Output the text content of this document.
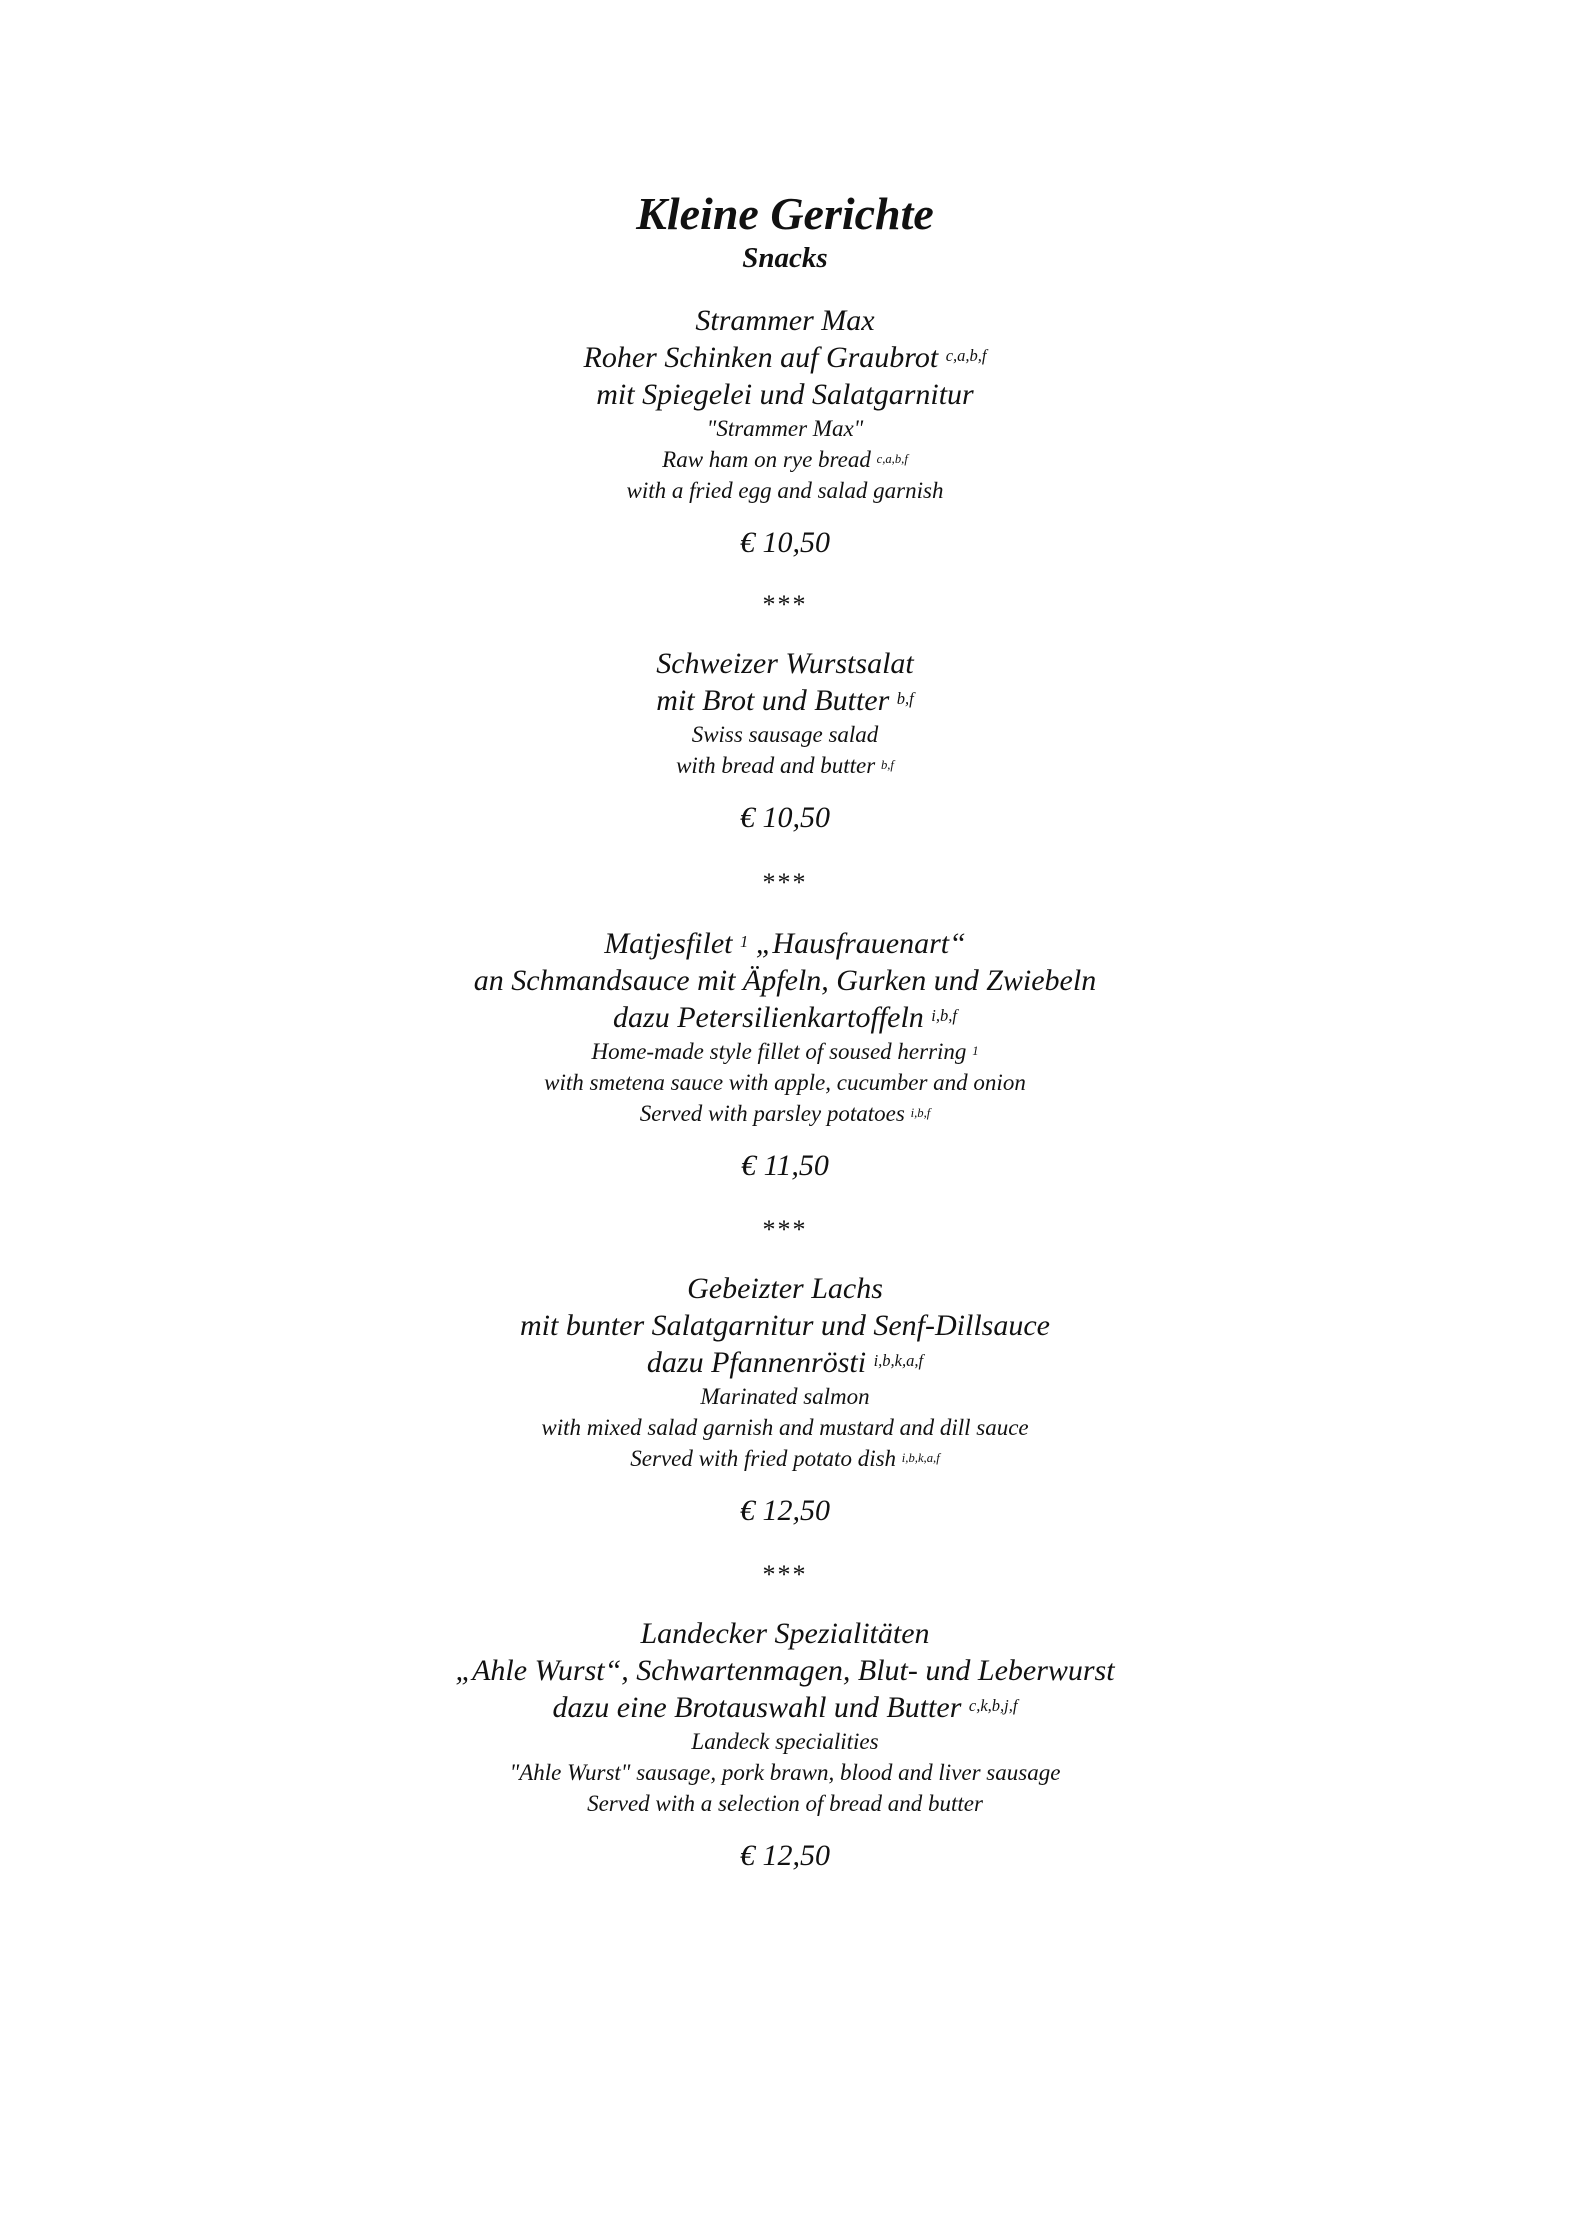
Kleine Gerichte
Snacks
Strammer Max
Roher Schinken auf Graubrot $^{c,a,b,f}$
mit Spiegelei und Salatgarnitur
"Strammer Max"
Raw ham on rye bread $^{c,a,b,f}$
with a fried egg and salad garnish
€ 10,50
Schweizer Wurstsalat
mit Brot und Butter $^{b,f}$
Swiss sausage salad
with bread and butter $^{b,f}$
€ 10,50
Matjesfilet $^1$ „Hausfrauenart“
an Schmandsauce mit Äpfeln, Gurken und Zwiebeln
dazu Petersilienkartoffeln $^{i,b,f}$
Home-made style fillet of soused herring $^1$
with smetena sauce with apple, cucumber and onion
Served with parsley potatoes $^{i,b,f}$
€ 11,50
Gebeizter Lachs
mit bunter Salatgarnitur und Senf-Dillsauce
dazu Pfannenrösti $^{i,b,k,a,f}$
Marinated salmon
with mixed salad garnish and mustard and dill sauce
Served with fried potato dish $^{i,b,k,a,f}$
€ 12,50
Landecker Spezialitäten
„Ahle Wurst“, Schwartenmagen, Blut- und Leberwurst
dazu eine Brotauswahl und Butter $^{c,k,b,j,f}$
Landeck specialities
"Ahle Wurst" sausage, pork brawn, blood and liver sausage
Served with a selection of bread and butter
€ 12,50
***
***
***
***
